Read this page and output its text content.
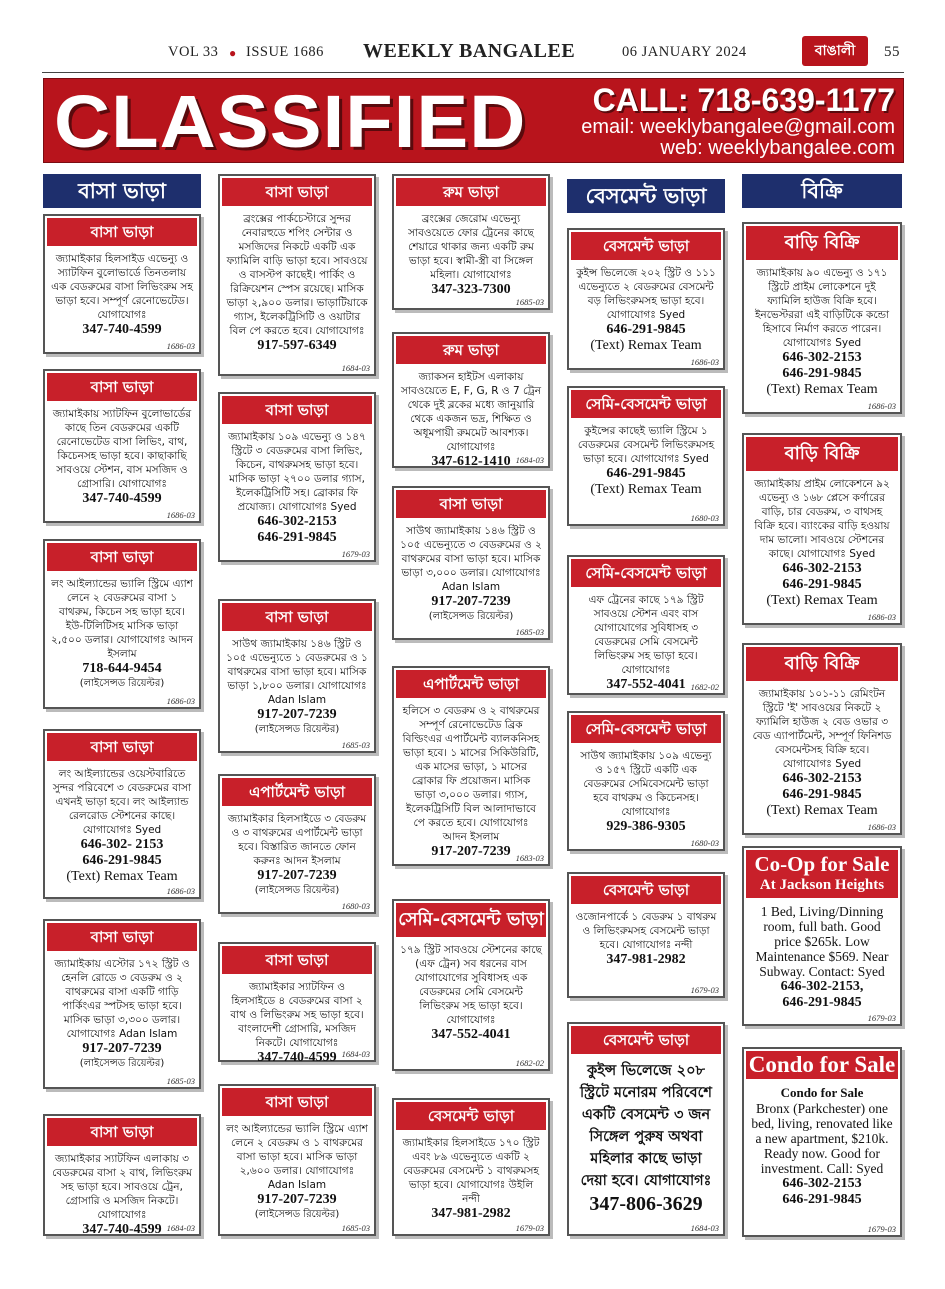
VOL 33 ● ISSUE 1686 WEEKLY BANGALEE	06 JANUARY 2024	55
বাঙালী
CLASSIFIED CALL: 718-639-1177
email: weeklybangalee@gmail.com
web: weeklybangalee.com
বাসা ভাড়া	বেসমেন্ট ভাড়া	বিক্রি
বাসা ভাড়া
জ্যামাইকার হিলসাইড এভেন্যু ও স্যাটফিন বুলোভার্ডে তিনতলায় এক বেডরুমের বাসা লিভিংরুম সহ ভাড়া হবে। সম্পূর্ণ রেনোভেটেড। যোগাযোগঃ
347-740-4599
1686-03
বাসা ভাড়া
জ্যামাইকায় স্যাটফিন বুলোভার্ডের কাছে তিন বেডরুমের একটি রেনোভেটেড বাসা লিভিং, বাথ, কিচেনসহ ভাড়া হবে। কাছাকাছি সাবওয়ে স্টেশন, বাস মসজিদ ও গ্রোসারি। যোগাযোগঃ
347-740-4599
1686-03
বাসা ভাড়া
লং আইল্যান্ডের ভ্যালি স্ট্রিমে এ্যাশ লেনে ২ বেডরুমের বাসা ১ বাথরুম, কিচেন সহ ভাড়া হবে। ইউ-টিলিটিসহ মাসিক ভাড়া ২,৫০০ ডলার। যোগাযোগঃ আদন ইসলাম
718-644-9454
(লাইসেন্সড রিয়েল্টর)
1686-03
বাসা ভাড়া
লং আইল্যান্ডের ওয়েস্টবারিতে সুন্দর পরিবেশে ৩ বেডরুমের বাসা এখনই ভাড়া হবে। লং আইল্যান্ড রেলরোড স্টেশনের কাছে। যোগাযোগঃ Syed
646-302- 2153
646-291-9845
(Text) Remax Team
1686-03
বাসা ভাড়া
জ্যামাইকায় এস্টোর ১৭২ স্ট্রিট ও হেনলি রোডে ৩ বেডরুম ও ২ বাথরুমের বাসা একটি গাড়ি পার্কিংএর স্পটসহ ভাড়া হবে। মাসিক ভাড়া ৩,৩০০ ডলার। যোগাযোগঃ Adan Islam
917-207-7239
(লাইসেন্সড রিয়েল্টর)
1685-03
বাসা ভাড়া
জ্যামাইকার স্যাটফিন এলাকায় ৩ বেডরুমের বাসা ২ বাথ, লিভিংরুম সহ ভাড়া হবে। সাবওয়ে ট্রেন, গ্রোসারি ও মসজিদ নিকটে। যোগাযোগঃ
347-740-4599 1684-03
বাসা ভাড়া
ব্রংক্সের পার্কচেস্টারে সুন্দর নেবারহুডে শপিং সেন্টার ও মসজিদের নিকটে একটি এক ফ্যামিলি বাড়ি ভাড়া হবে। সাবওয়ে ও বাসস্টপ কাছেই। পার্কিং ও রিক্রিয়েশন স্পেস রয়েছে। মাসিক ভাড়া ২,৯০০ ডলার। ভাড়াটিয়াকে গ্যাস, ইলেকট্রিসিটি ও ওয়াটার বিল পে করতে হবে। যোগাযোগঃ
917-597-6349
1684-03
বাসা ভাড়া
জ্যামাইকায় ১০৯ এভেন্যু ও ১৪৭ স্ট্রিটে ৩ বেডরুমের বাসা লিভিং, কিচেন, বাথরুমসহ ভাড়া হবে। মাসিক ভাড়া ২৭০০ ডলার গ্যাস, ইলেকট্রিসিটি সহ। ব্রোকার ফি প্রযোজ্য। যোগাযোগঃ Syed
646-302-2153
646-291-9845
1679-03
বাসা ভাড়া
সাউথ জ্যামাইকায় ১৪৬ স্ট্রিট ও ১০৫ এভেন্যুতে ১ বেডরুমের ও ১ বাথরুমের বাসা ভাড়া হবে। মাসিক ভাড়া ১,৮০০ ডলার। যোগাযোগঃ Adan Islam
917-207-7239
(লাইসেন্সড রিয়েল্টর)
1685-03
এপার্টমেন্ট ভাড়া
জ্যামাইকার হিলসাইডে ৩ বেডরুম ও ৩ বাথরুমের এপার্টমেন্ট ভাড়া হবে। বিস্তারিত জানতে ফোন করুনঃ আদন ইসলাম
917-207-7239
(লাইসেন্সড রিয়েল্টর)
1680-03
বাসা ভাড়া
জ্যামাইকার স্যাটফিন ও হিলসাইডে ৪ বেডরুমের বাসা ২ বাথ ও লিভিংরুম সহ ভাড়া হবে। বাংলাদেশী গ্রোসারি, মসজিদ নিকটে। যোগাযোগঃ
347-740-4599 1684-03
বাসা ভাড়া
লং আইল্যান্ডের ভ্যালি স্ট্রিমে এ্যাশ লেনে ২ বেডরুম ও ১ বাথরুমের বাসা ভাড়া হবে। মাসিক ভাড়া ২,৬০০ ডলার। যোগাযোগঃ Adan Islam
917-207-7239
(লাইসেন্সড রিয়েল্টর)
1685-03
রুম ভাড়া
ব্রংক্সের জেরোম এভেন্যু সাবওয়েতে ফোর ট্রেনের কাছে শেয়ারে থাকার জন্য একটি রুম ভাড়া হবে। স্বামী-স্ত্রী বা সিঙ্গেল মহিলা। যোগাযোগঃ
347-323-7300
1685-03
রুম ভাড়া
জ্যাকসন হাইটস এলাকায় সাবওয়েতে E, F, G, R ও 7 ট্রেন থেকে দুই ব্লকের মধ্যে জানুয়ারি থেকে একজন ভদ্র, শিক্ষিত ও অধূমপায়ী রুমমেট আবশ্যক। যোগাযোগঃ
347-612-1410 1684-03
বাসা ভাড়া
সাউথ জ্যামাইকায় ১৪৬ স্ট্রিট ও ১০৫ এভেন্যুতে ৩ বেডরুমের ও ২ বাথরুমের বাসা ভাড়া হবে। মাসিক ভাড়া ৩,০০০ ডলার। যোগাযোগঃ Adan Islam
917-207-7239
(লাইসেন্সড রিয়েল্টর)
1685-03
এপার্টমেন্ট ভাড়া
হলিসে ৩ বেডরুম ও ২ বাথরুমের সম্পূর্ণ রেনোভেটেড ব্রিক বিল্ডিংএর এপার্টমেন্ট ব্যালকনিসহ ভাড়া হবে। ১ মাসের সিকিউরিটি, এক মাসের ভাড়া, ১ মাসের ব্রোকার ফি প্রয়োজন। মাসিক ভাড়া ৩,০০০ ডলার। গ্যাস, ইলেকট্রিসিটি বিল আলাদাভাবে পে করতে হবে। যোগাযোগঃ আদন ইসলাম
917-207-7239 1683-03
সেমি-বেসমেন্ট ভাড়া
১৭৯ স্ট্রিট সাবওয়ে স্টেশনের কাছে (এফ ট্রেন) সব ধরনের বাস যোগাযোগের সুবিধাসহ এক বেডরুমের সেমি বেসমেন্ট লিভিংরুম সহ ভাড়া হবে। যোগাযোগঃ
347-552-4041
1682-02
বেসমেন্ট ভাড়া
জ্যামাইকার হিলসাইডে ১৭০ স্ট্রিট এবং ৮৯ এভেন্যুতে একটি ২ বেডরুমের বেসমেন্ট ১ বাথরুমসহ ভাড়া হবে। যোগাযোগঃ উইলি নন্দী
347-981-2982
1679-03
বেসমেন্ট ভাড়া
কুইন্স ভিলেজে ২০২ স্ট্রিট ও ১১১ এভেন্যুতে ২ বেডরুমের বেসমেন্ট বড় লিভিংরুমসহ ভাড়া হবে। যোগাযোগঃ Syed
646-291-9845
(Text) Remax Team
1686-03
সেমি-বেসমেন্ট ভাড়া
কুইন্সের কাছেই ভ্যালি স্ট্রিমে ১ বেডরুমের বেসমেন্ট লিভিংরুমসহ ভাড়া হবে। যোগাযোগঃ Syed
646-291-9845
(Text) Remax Team
1680-03
সেমি-বেসমেন্ট ভাড়া
এফ ট্রেনের কাছে ১৭৯ স্ট্রিট সাবওয়ে স্টেশন এবং বাস যোগাযোগের সুবিধাসহ ৩ বেডরুমের সেমি বেসমেন্ট লিভিংরুম সহ ভাড়া হবে। যোগাযোগঃ
347-552-4041 1682-02
সেমি-বেসমেন্ট ভাড়া
সাউথ জ্যামাইকায় ১০৯ এভেন্যু ও ১৫৭ স্ট্রিটে একটি এক বেডরুমের সেমিবেসমেন্ট ভাড়া হবে বাথরুম ও কিচেনসহ। যোগাযোগঃ
929-386-9305
1680-03
বেসমেন্ট ভাড়া
ওজোনপার্কে ১ বেডরুম ১ বাথরুম ও লিভিংরুমসহ বেসমেন্ট ভাড়া হবে। যোগাযোগঃ নন্দী
347-981-2982
1679-03
বেসমেন্ট ভাড়া
কুইন্স ভিলেজে ২০৮ স্ট্রিটে মনোরম পরিবেশে একটি বেসমেন্ট ৩ জন সিঙ্গেল পুরুষ অথবা মহিলার কাছে ভাড়া দেয়া হবে। যোগাযোগঃ
347-806-3629
1684-03
বাড়ি বিক্রি
জ্যামাইকায় ৯০ এভেন্যু ও ১৭১ স্ট্রিটে প্রাইম লোকেশনে দুই ফ্যামিলি হাউজ বিক্রি হবে। ইনভেস্টররা এই বাড়িটিকে কন্ডো হিসাবে নির্মাণ করতে পারেন। যোগাযোগঃ Syed
646-302-2153
646-291-9845
(Text) Remax Team
1686-03
বাড়ি বিক্রি
জ্যামাইকায় প্রাইম লোকেশনে ৯২ এভেন্যু ও ১৬৮ প্লেসে কর্ণারের বাড়ি, চার বেডরুম, ৩ বাথসহ বিক্রি হবে। ব্যাংকের বাড়ি হওয়ায় দাম ভালো। সাবওয়ে স্টেশনের কাছে। যোগাযোগঃ Syed
646-302-2153
646-291-9845
(Text) Remax Team
1686-03
বাড়ি বিক্রি
জ্যামাইকায় ১০১-১১ রেমিংটন স্ট্রিটে 'ই' সাবওয়ের নিকটে ২ ফ্যামিলি হাউজ ২ বেড ওভার ৩ বেড এ্যাপার্টমেন্ট, সম্পূর্ণ ফিনিশড বেসমেন্টসহ বিক্রি হবে। যোগাযোগঃ Syed
646-302-2153
646-291-9845
(Text) Remax Team
1686-03
Co-Op for Sale
At Jackson Heights
1 Bed, Living/Dinning room, full bath. Good price $265k. Low Maintenance $569. Near Subway. Contact: Syed
646-302-2153,
646-291-9845
1679-03
Condo for Sale
Condo for Sale
Bronx (Parkchester) one bed, living, renovated like a new apartment, $210k. Ready now. Good for investment. Call: Syed
646-302-2153
646-291-9845
1679-03
